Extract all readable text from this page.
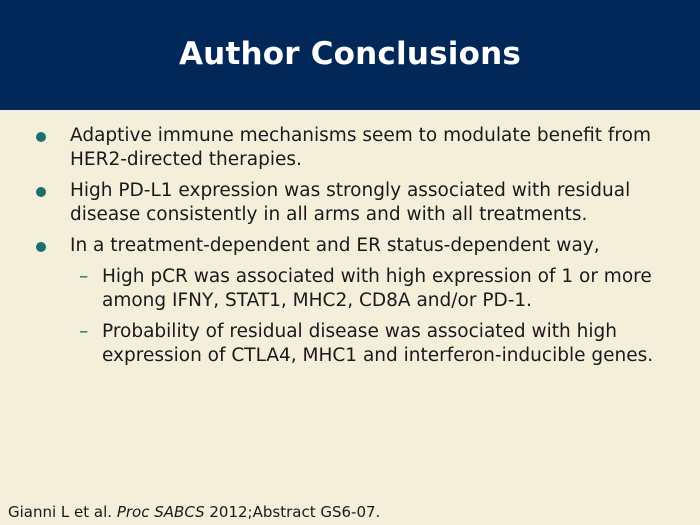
Author Conclusions
Adaptive immune mechanisms seem to modulate benefit from HER2-directed therapies.
High PD-L1 expression was strongly associated with residual disease consistently in all arms and with all treatments.
In a treatment-dependent and ER status-dependent way,
– High pCR was associated with high expression of 1 or more among IFNY, STAT1, MHC2, CD8A and/or PD-1.
– Probability of residual disease was associated with high expression of CTLA4, MHC1 and interferon-inducible genes.
Gianni L et al. Proc SABCS 2012;Abstract GS6-07.
